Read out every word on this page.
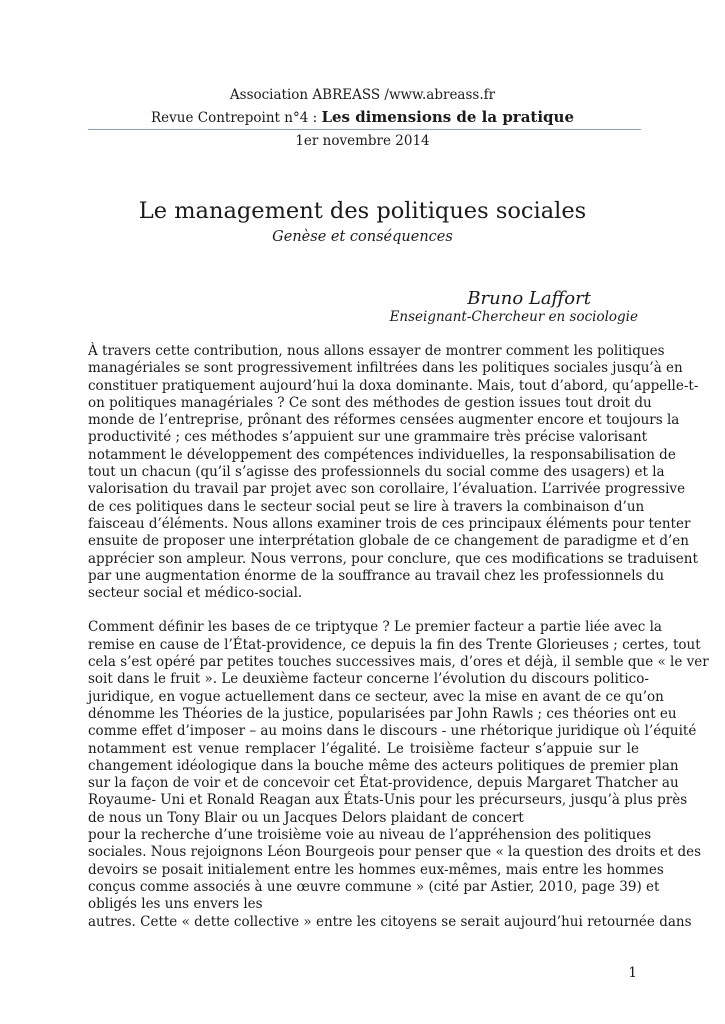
Association ABREASS /www.abreass.fr
Revue Contrepoint n°4 : Les dimensions de la pratique
1er novembre 2014
Le management des politiques sociales
Genèse et conséquences
Bruno Laffort
Enseignant-Chercheur en sociologie
À travers cette contribution, nous allons essayer de montrer comment les politiques
managériales se sont progressivement infiltrées dans les politiques sociales jusqu’à en
constituer pratiquement aujourd’hui la doxa dominante. Mais, tout d’abord, qu’appelle-t-
on politiques managériales ? Ce sont des méthodes de gestion issues tout droit du
monde de l’entreprise, prônant des réformes censées augmenter encore et toujours la
productivité ; ces méthodes s’appuient sur une grammaire très précise valorisant
notamment le développement des compétences individuelles, la responsabilisation de
tout un chacun (qu’il s’agisse des professionnels du social comme des usagers) et la
valorisation du travail par projet avec son corollaire, l’évaluation. L’arrivée progressive
de ces politiques dans le secteur social peut se lire à travers la combinaison d’un
faisceau d’éléments. Nous allons examiner trois de ces principaux éléments pour tenter
ensuite de proposer une interprétation globale de ce changement de paradigme et d’en
apprécier son ampleur. Nous verrons, pour conclure, que ces modifications se traduisent
par une augmentation énorme de la souffrance au travail chez les professionnels du
secteur social et médico-social.
Comment définir les bases de ce triptyque ? Le premier facteur a partie liée avec la
remise en cause de l’État-providence, ce depuis la fin des Trente Glorieuses ; certes, tout
cela s’est opéré par petites touches successives mais, d’ores et déjà, il semble que « le ver
soit dans le fruit ». Le deuxième facteur concerne l’évolution du discours politico-
juridique, en vogue actuellement dans ce secteur, avec la mise en avant de ce qu’on
dénomme les Théories de la justice, popularisées par John Rawls ; ces théories ont eu
comme effet d’imposer – au moins dans le discours - une rhétorique juridique où l’équité
notamment est venue remplacer l’égalité. Le troisième facteur s’appuie sur le
changement idéologique dans la bouche même des acteurs politiques de premier plan
sur la façon de voir et de concevoir cet État-providence, depuis Margaret Thatcher au
Royaume- Uni et Ronald Reagan aux États-Unis pour les précurseurs, jusqu’à plus près
de nous un Tony Blair ou un Jacques Delors plaidant de concert
pour la recherche d’une troisième voie au niveau de l’appréhension des politiques
sociales. Nous rejoignons Léon Bourgeois pour penser que « la question des droits et des
devoirs se posait initialement entre les hommes eux-mêmes, mais entre les hommes
conçus comme associés à une œuvre commune » (cité par Astier, 2010, page 39) et
obligés les uns envers les
autres. Cette « dette collective » entre les citoyens se serait aujourd’hui retournée dans
1
